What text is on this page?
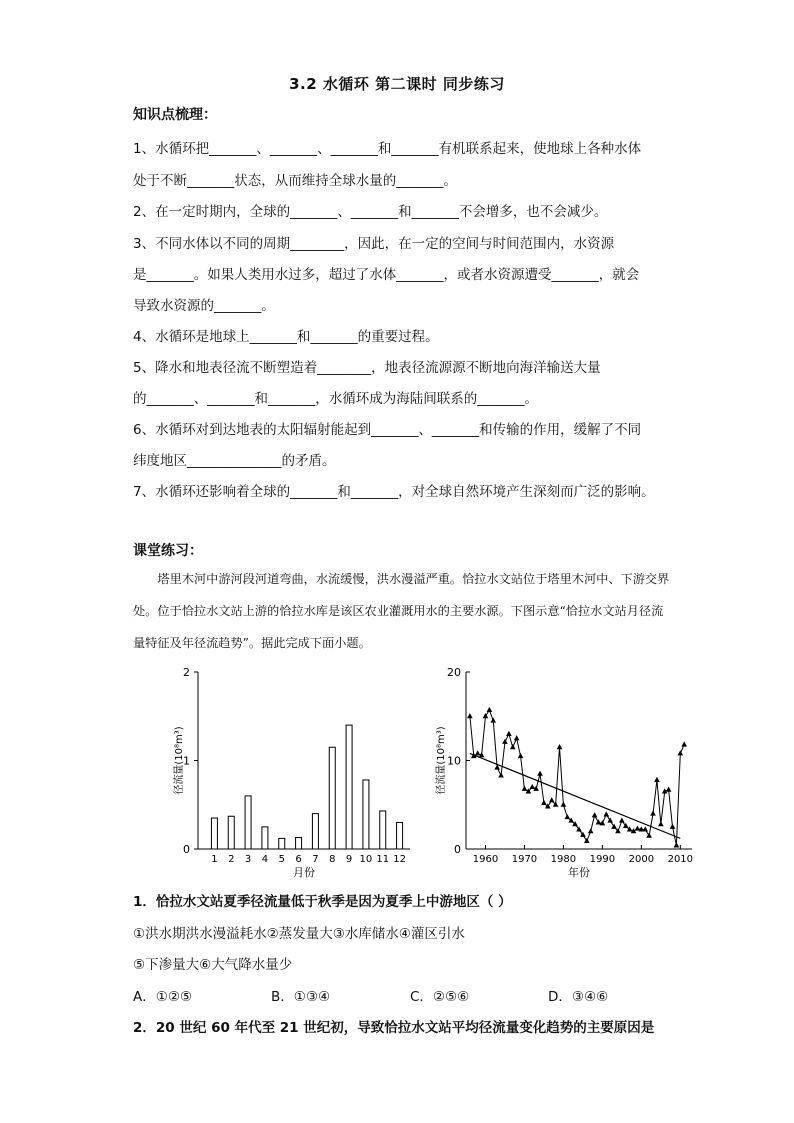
3.2 水循环 第二课时 同步练习
知识点梳理：
1、水循环把_______、_______、_______和_______有机联系起来，使地球上各种水体
处于不断_______状态，从而维持全球水量的_______。
2、在一定时期内，全球的_______、_______和_______不会增多，也不会减少。
3、不同水体以不同的周期________，因此，在一定的空间与时间范围内，水资源
是_______。如果人类用水过多，超过了水体_______，或者水资源遭受_______，就会
导致水资源的_______。
4、水循环是地球上_______和_______的重要过程。
5、降水和地表径流不断塑造着________，地表径流源源不断地向海洋输送大量
的_______、_______和_______，水循环成为海陆间联系的_______。
6、水循环对到达地表的太阳辐射能起到_______、_______和传输的作用，缓解了不同
纬度地区______________的矛盾。
7、水循环还影响着全球的_______和_______，对全球自然环境产生深刻而广泛的影响。
课堂练习：
塔里木河中游河段河道弯曲，水流缓慢，洪水漫溢严重。恰拉水文站位于塔里木河中、下游交界处。位于恰拉水文站上游的恰拉水库是该区农业灌溉用水的主要水源。下图示意“恰拉水文站月径流量特征及年径流趋势”。据此完成下面小题。
0
1
2
1 2 3 4 5 6 7 8 9 10 11 12
月份
径流量(10⁸m³)
0
10
20
1960 1970 1980 1990 2000 2010
年份
径流量(10⁸m³)
1．恰拉水文站夏季径流量低于秋季是因为夏季上中游地区（ ）
①洪水期洪水漫溢耗水②蒸发量大③水库储水④灌区引水
⑤下渗量大⑥大气降水量少
A．①②⑤	B．①③④	C．②⑤⑥	D．③④⑥
2．20 世纪 60 年代至 21 世纪初，导致恰拉水文站平均径流量变化趋势的主要原因是
